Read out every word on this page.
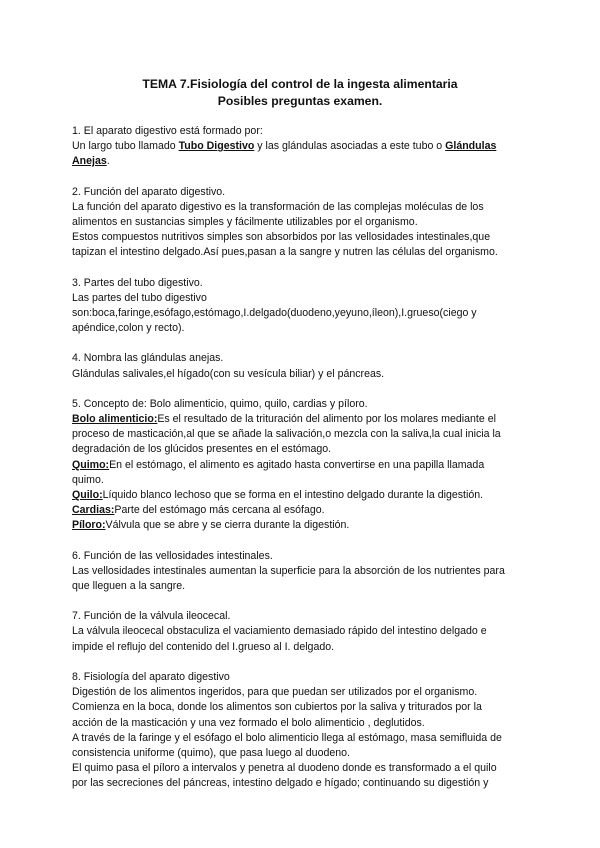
TEMA 7.Fisiología del control de la ingesta alimentaria
Posibles preguntas examen.

1. El aparato digestivo está formado por:
Un largo tubo llamado Tubo Digestivo y las glándulas asociadas a este tubo o Glándulas
Anejas.

2. Función del aparato digestivo.
La función del aparato digestivo es la transformación de las complejas moléculas de los
alimentos en sustancias simples y fácilmente utilizables por el organismo.
Estos compuestos nutritivos simples son absorbidos por las vellosidades intestinales,que
tapizan el intestino delgado.Así pues,pasan a la sangre y nutren las células del organismo.

3. Partes del tubo digestivo.
Las partes del tubo digestivo
son:boca,faringe,esófago,estómago,I.delgado(duodeno,yeyuno,íleon),I.grueso(ciego y
apéndice,colon y recto).

4. Nombra las glándulas anejas.
Glándulas salivales,el hígado(con su vesícula biliar) y el páncreas.

5. Concepto de: Bolo alimenticio, quimo, quilo, cardias y píloro.
Bolo alimenticio:Es el resultado de la trituración del alimento por los molares mediante el
proceso de masticación,al que se añade la salivación,o mezcla con la saliva,la cual inicia la
degradación de los glúcidos presentes en el estómago.
Quimo:En el estómago, el alimento es agitado hasta convertirse en una papilla llamada
quimo.
Quilo:Líquido blanco lechoso que se forma en el intestino delgado durante la digestión.
Cardias:Parte del estómago más cercana al esófago.
Píloro:Válvula que se abre y se cierra durante la digestión.

6. Función de las vellosidades intestinales.
Las vellosidades intestinales aumentan la superficie para la absorción de los nutrientes para
que lleguen a la sangre.

7. Función de la válvula ileocecal.
La válvula ileocecal obstaculiza el vaciamiento demasiado rápido del intestino delgado e
impide el reflujo del contenido del I.grueso al I. delgado.

8. Fisiología del aparato digestivo
Digestión de los alimentos ingeridos, para que puedan ser utilizados por el organismo.
Comienza en la boca, donde los alimentos son cubiertos por la saliva y triturados por la
acción de la masticación y una vez formado el bolo alimenticio , deglutidos.
A través de la faringe y el esófago el bolo alimenticio llega al estómago, masa semifluida de
consistencia uniforme (quimo), que pasa luego al duodeno.
El quimo pasa el píloro a intervalos y penetra al duodeno donde es transformado a el quilo
por las secreciones del páncreas, intestino delgado e hígado; continuando su digestión y
